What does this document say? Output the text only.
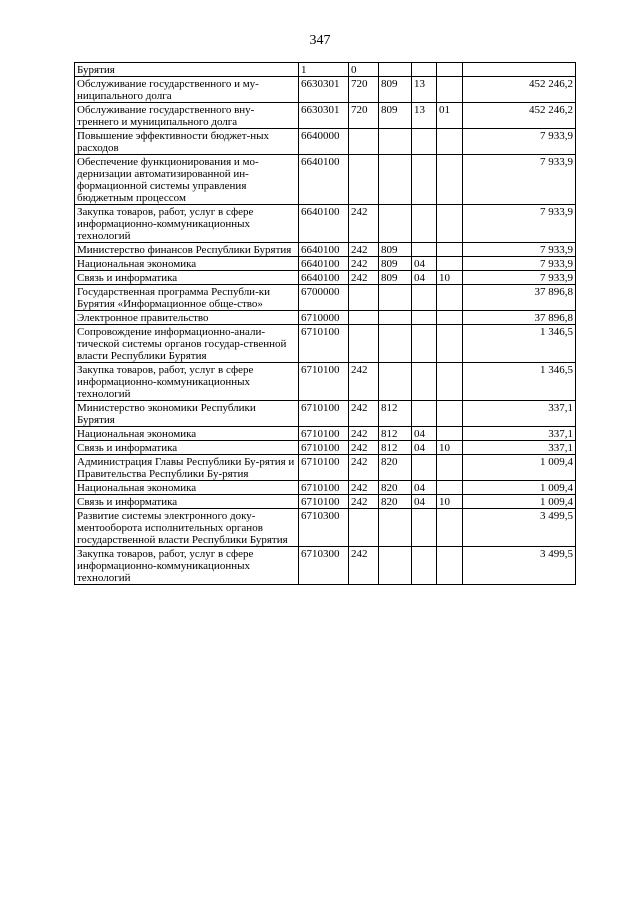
347
Бурятия	1	0				
Обслуживание государственного и му-ниципального долга	6630301	720	809	13		452 246,2
Обслуживание государственного вну-треннего и муниципального долга	6630301	720	809	13	01	452 246,2
Повышение эффективности бюджет-ных расходов	6640000					7 933,9
Обеспечение функционирования и мо-дернизации автоматизированной ин-формационной системы управления бюджетным процессом	6640100					7 933,9
Закупка товаров, работ, услуг в сфере информационно-коммуникационных технологий	6640100	242				7 933,9
Министерство финансов Республики Бурятия	6640100	242	809			7 933,9
Национальная экономика	6640100	242	809	04		7 933,9
Связь и информатика	6640100	242	809	04	10	7 933,9
Государственная программа Республи-ки Бурятия «Информационное обще-ство»	6700000					37 896,8
Электронное правительство	6710000					37 896,8
Сопровождение информационно-анали-тической системы органов государ-ственной власти Республики Бурятия	6710100					1 346,5
Закупка товаров, работ, услуг в сфере информационно-коммуникационных технологий	6710100	242				1 346,5
Министерство экономики Республики Бурятия	6710100	242	812			337,1
Национальная экономика	6710100	242	812	04		337,1
Связь и информатика	6710100	242	812	04	10	337,1
Администрация Главы Республики Бу-рятия и Правительства Республики Бу-рятия	6710100	242	820			1 009,4
Национальная экономика	6710100	242	820	04		1 009,4
Связь и информатика	6710100	242	820	04	10	1 009,4
Развитие системы электронного доку-ментооборота исполнительных органов государственной власти Республики Бурятия	6710300					3 499,5
Закупка товаров, работ, услуг в сфере информационно-коммуникационных технологий	6710300	242				3 499,5
